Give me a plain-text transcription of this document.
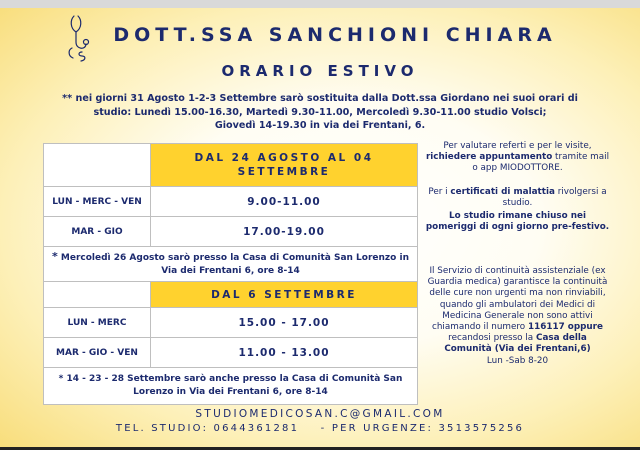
DOTT.SSA SANCHIONI CHIARA
ORARIO ESTIVO
** nei giorni 31 Agosto 1-2-3 Settembre sarò sostituita dalla Dott.ssa Giordano nei suoi orari di
studio: Lunedì 15.00-16.30, Martedì 9.30-11.00, Mercoledì 9.30-11.00 studio Volsci;
Giovedì 14-19.30 in via dei Frentani, 6.
DAL 24 AGOSTO AL 04 SETTEMBRE
LUN - MERC - VEN	9.00-11.00
MAR - GIO	17.00-19.00
* Mercoledì 26 Agosto sarò presso la Casa di Comunità San Lorenzo in Via dei Frentani 6, ore 8-14
DAL 6 SETTEMBRE
LUN - MERC	15.00 - 17.00
MAR - GIO - VEN	11.00 - 13.00
* 14 - 23 - 28 Settembre sarò anche presso la Casa di Comunità San Lorenzo in Via dei Frentani 6, ore 8-14
Per valutare referti e per le visite, richiedere appuntamento tramite mail o app MIODOTTORE.
Per i certificati di malattia rivolgersi a studio.
Lo studio rimane chiuso nei pomeriggi di ogni giorno pre-festivo.
Il Servizio di continuità assistenziale (ex Guardia medica) garantisce la continuità delle cure non urgenti ma non rinviabili, quando gli ambulatori dei Medici di Medicina Generale non sono attivi chiamando il numero 116117 oppure recandosi presso la Casa della Comunità (Via dei Frentani,6)
Lun -Sab 8-20
STUDIOMEDICOSAN.C@GMAIL.COM
TEL. STUDIO: 0644361281 - PER URGENZE: 3513575256
